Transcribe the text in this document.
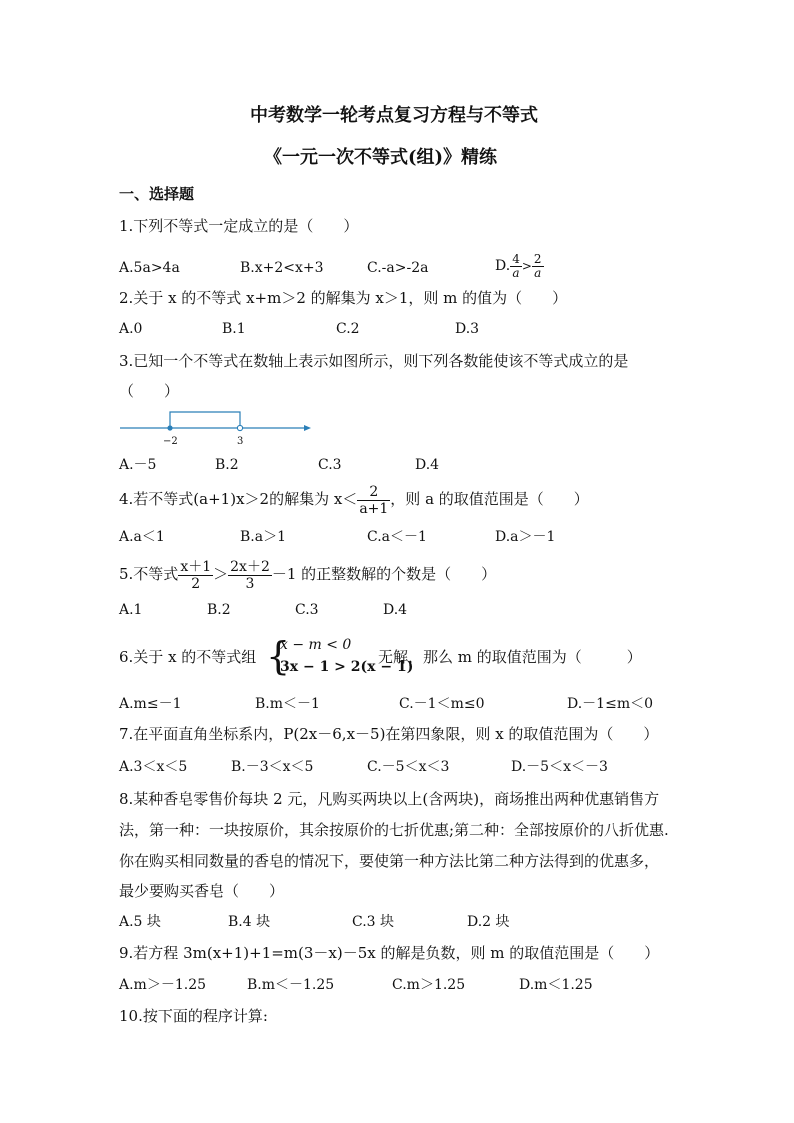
中考数学一轮考点复习方程与不等式
《一元一次不等式(组)》精练
一、选择题
1.下列不等式一定成立的是（　　）
A.5a>4a	B.x+2<x+3	C.-a>-2a	D. $\frac{4}{a} > \frac{2}{a}$
2.关于 x 的不等式 x+m＞2 的解集为 x＞1，则 m 的值为（　　）
A.0	B.1	C.2	D.3
3.已知一个不等式在数轴上表示如图所示，则下列各数能使该不等式成立的是
（　　）
−2	3
A.－5	B.2	C.3	D.4
4.若不等式(a+1)x＞2的解集为 $x< \frac{2}{a+1}$ ，则 a 的取值范围是（　　）
A.a＜1	B.a＞1	C.a＜－1	D.a＞－1
5.不等式 $\frac{x+1}{2} > \frac{2x+2}{3} -1$ 的正整数解的个数是（　　）
A.1	B.2	C.3	D.4
6.关于 x 的不等式组 {
x − m < 0
3x − 1 > 2(x − 1)
无解，那么 m 的取值范围为（　　　）
A.m≤－1	B.m＜－1	C.－1＜m≤0	D.－1≤m＜0
7.在平面直角坐标系内，P(2x－6,x－5)在第四象限，则 x 的取值范围为（　　）
A.3＜x＜5	B.－3＜x＜5	C.－5＜x＜3	D.－5＜x＜－3
8.某种香皂零售价每块 2 元，凡购买两块以上(含两块)，商场推出两种优惠销售方
法，第一种：一块按原价，其余按原价的七折优惠;第二种：全部按原价的八折优惠.
你在购买相同数量的香皂的情况下，要使第一种方法比第二种方法得到的优惠多，
最少要购买香皂（　　）
A.5 块	B.4 块	C.3 块	D.2 块
9.若方程 3m(x+1)+1=m(3－x)－5x 的解是负数，则 m 的取值范围是（　　）
A.m＞－1.25	B.m＜－1.25	C.m＞1.25	D.m＜1.25
10.按下面的程序计算:
